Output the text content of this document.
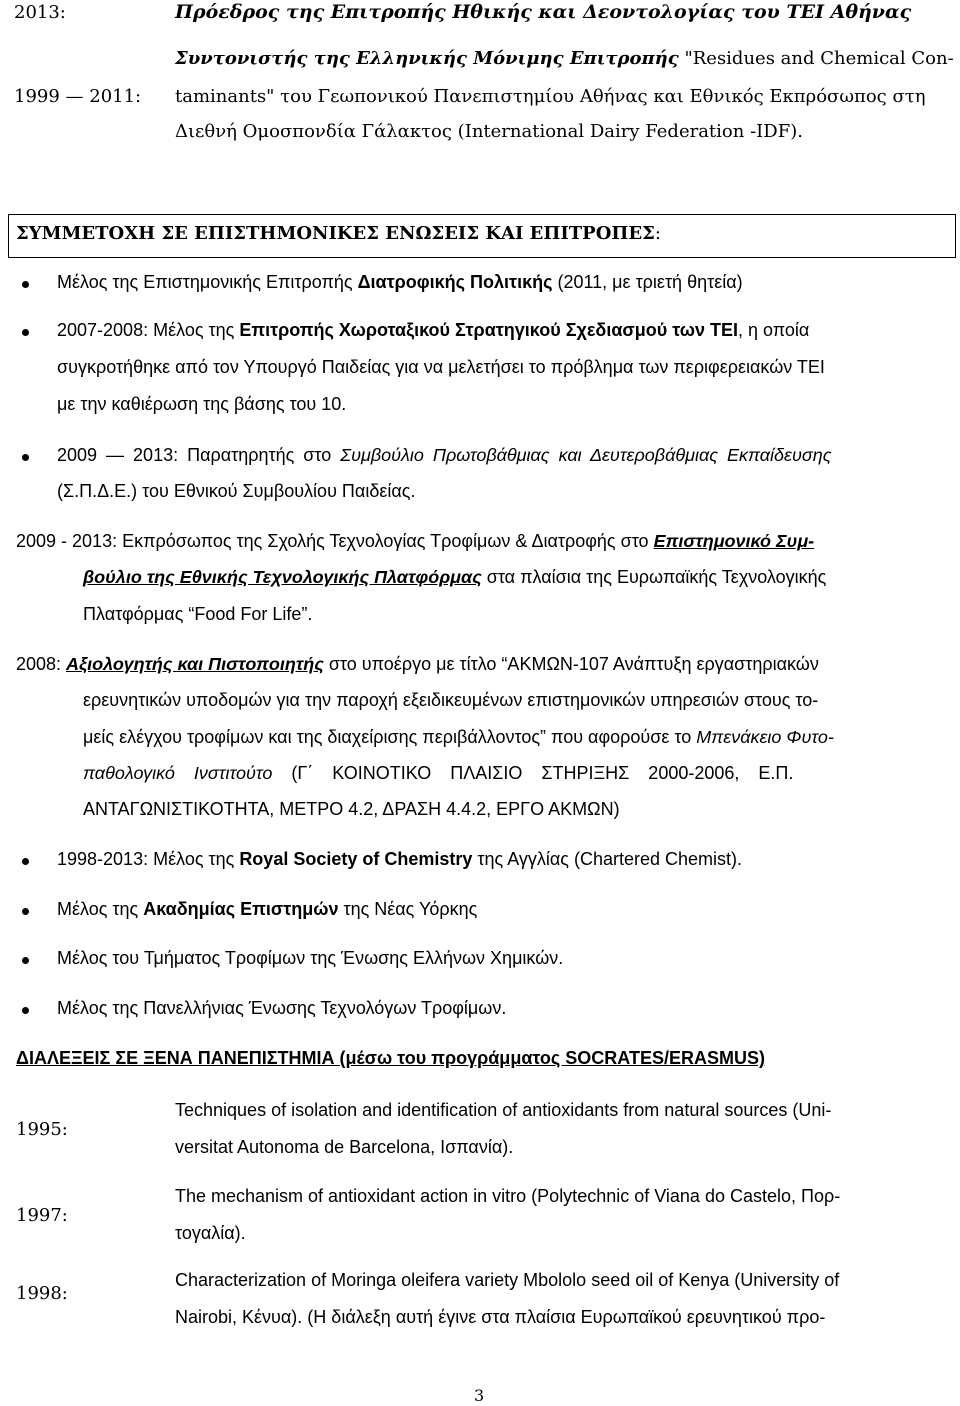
2013:	Πρόεδρος της Επιτροπής Ηθικής και Δεοντολογίας του ΤΕΙ Αθήνας
1999 — 2011:
Συντονιστής της Ελληνικής Μόνιμης Επιτροπής "Residues and Chemical Con-
taminants" του Γεωπονικού Πανεπιστημίου Αθήνας και Εθνικός Εκπρόσωπος στη
Διεθνή Ομοσπονδία Γάλακτος (International Dairy Federation -IDF).
ΣΥΜΜΕΤΟΧΗ ΣΕ ΕΠΙΣΤΗΜΟΝΙΚΕΣ ΕΝΩΣΕΙΣ ΚΑΙ ΕΠΙΤΡΟΠΕΣ:
Μέλος της Επιστημονικής Επιτροπής Διατροφικής Πολιτικής (2011, με τριετή θητεία)
2007-2008: Μέλος της Επιτροπής Χωροταξικού Στρατηγικού Σχεδιασμού των ΤΕΙ, η οποία
συγκροτήθηκε από τον Υπουργό Παιδείας για να μελετήσει το πρόβλημα των περιφερειακών ΤΕΙ
με την καθιέρωση της βάσης του 10.
2009 — 2013: Παρατηρητής στο Συμβούλιο Πρωτοβάθμιας και Δευτεροβάθμιας Εκπαίδευσης
(Σ.Π.Δ.Ε.) του Εθνικού Συμβουλίου Παιδείας.
2009 - 2013: Εκπρόσωπος της Σχολής Τεχνολογίας Τροφίμων & Διατροφής στο Επιστημονικό Συμ-
βούλιο της Εθνικής Τεχνολογικής Πλατφόρμας στα πλαίσια της Ευρωπαϊκής Τεχνολογικής
Πλατφόρμας “Food For Life”.
2008: Αξιολογητής και Πιστοποιητής στο υποέργο με τίτλο “ΑΚΜΩΝ-107 Ανάπτυξη εργαστηριακών
ερευνητικών υποδομών για την παροχή εξειδικευμένων επιστημονικών υπηρεσιών στους το-
μείς ελέγχου τροφίμων και της διαχείρισης περιβάλλοντος” που αφορούσε το Μπενάκειο Φυτο-
παθολογικό Ινστιτούτο (Γ΄ ΚΟΙΝΟΤΙΚΟ ΠΛΑΙΣΙΟ ΣΤΗΡΙΞΗΣ 2000-2006, Ε.Π.
ΑΝΤΑΓΩΝΙΣΤΙΚΟΤΗΤΑ, ΜΕΤΡΟ 4.2, ΔΡΑΣΗ 4.4.2, ΕΡΓΟ ΑΚΜΩΝ)
1998-2013: Μέλος της Royal Society of Chemistry της Αγγλίας (Chartered Chemist).
Μέλος της Ακαδημίας Επιστημών της Νέας Υόρκης
Μέλος του Τμήματος Τροφίμων της Ένωσης Ελλήνων Χημικών.
Μέλος της Πανελλήνιας Ένωσης Τεχνολόγων Τροφίμων.
ΔΙΑΛΕΞΕΙΣ ΣΕ ΞΕΝΑ ΠΑΝΕΠΙΣΤΗΜΙΑ (μέσω του προγράμματος SOCRATES/ERASMUS)
1995:
Techniques of isolation and identification of antioxidants from natural sources (Uni-
versitat Autonoma de Barcelona, Ισπανία).
1997:
The mechanism of antioxidant action in vitro (Polytechnic of Viana do Castelo, Πορ-
τογαλία).
1998:
Characterization of Moringa oleifera variety Mbololo seed oil of Kenya (University of
Nairobi, Κένυα). (Η διάλεξη αυτή έγινε στα πλαίσια Ευρωπαϊκού ερευνητικού προ-
3
